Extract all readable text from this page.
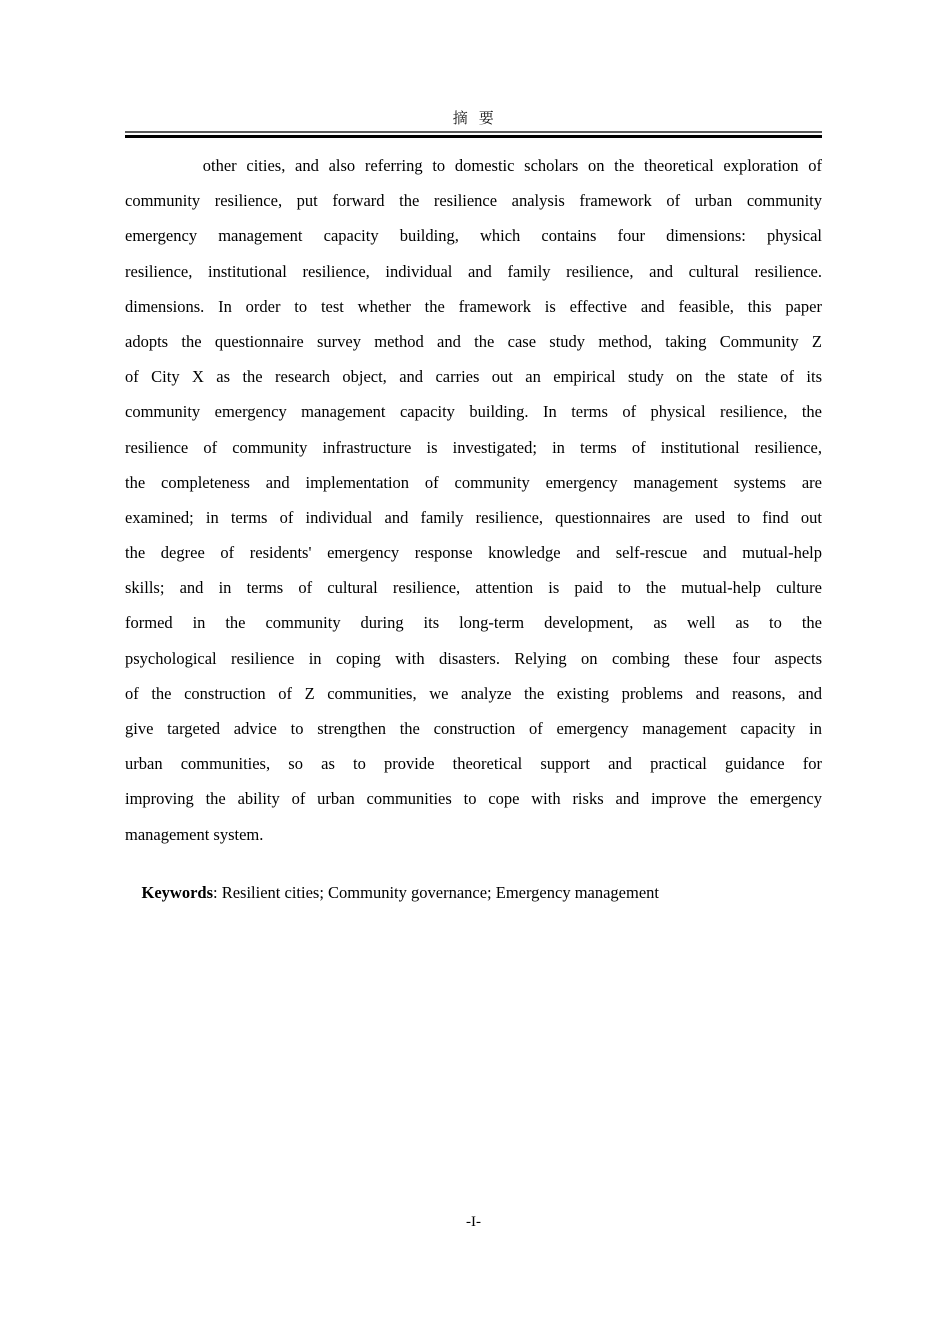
摘  要
other cities, and also referring to domestic scholars on the theoretical exploration of
community resilience, put forward the resilience analysis framework of urban community
emergency management capacity building, which contains four dimensions: physical
resilience, institutional resilience, individual and family resilience, and cultural resilience.
dimensions. In order to test whether the framework is effective and feasible, this paper
adopts the questionnaire survey method and the case study method, taking Community Z
of City X as the research object, and carries out an empirical study on the state of its
community emergency management capacity building. In terms of physical resilience, the
resilience of community infrastructure is investigated; in terms of institutional resilience,
the completeness and implementation of community emergency management systems are
examined; in terms of individual and family resilience, questionnaires are used to find out
the degree of residents' emergency response knowledge and self-rescue and mutual-help
skills; and in terms of cultural resilience, attention is paid to the mutual-help culture
formed in the community during its long-term development, as well as to the
psychological resilience in coping with disasters. Relying on combing these four aspects
of the construction of Z communities, we analyze the existing problems and reasons, and
give targeted advice to strengthen the construction of emergency management capacity in
urban communities, so as to provide theoretical support and practical guidance for
improving the ability of urban communities to cope with risks and improve the emergency
management system.

Keywords: Resilient cities; Community governance; Emergency management

-I-
